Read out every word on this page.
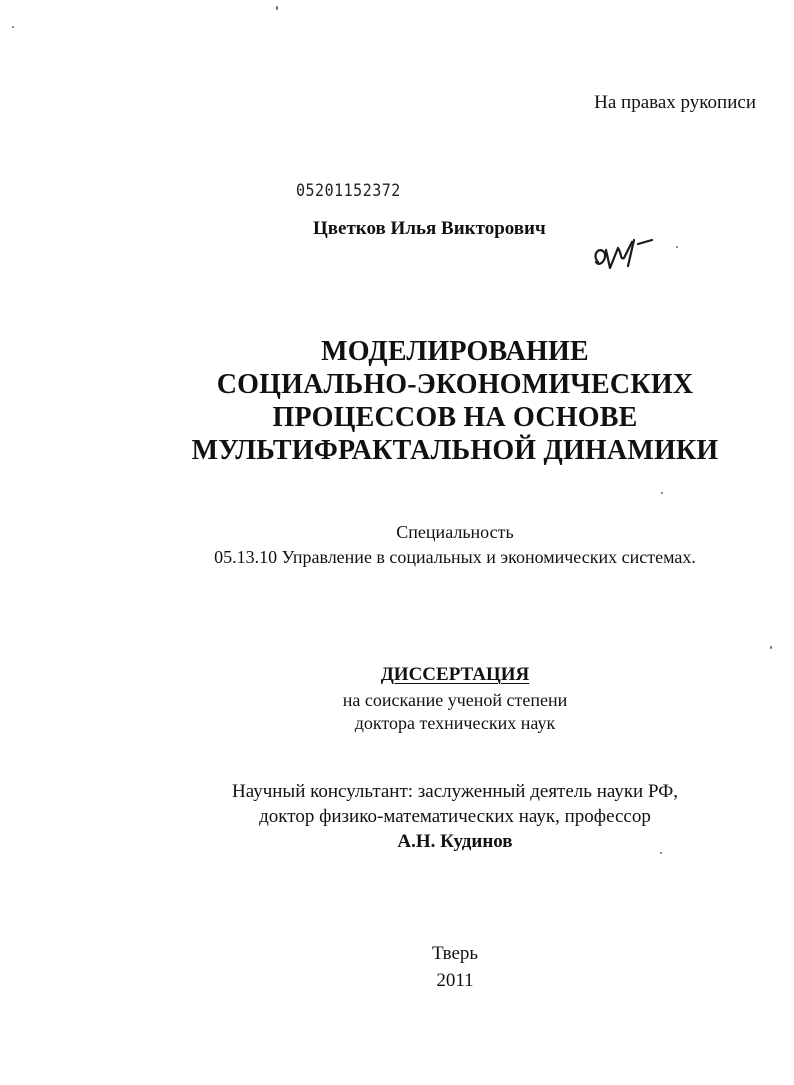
На правах рукописи
05201152372
Цветков Илья Викторович
МОДЕЛИРОВАНИЕ
СОЦИАЛЬНО-ЭКОНОМИЧЕСКИХ
ПРОЦЕССОВ НА ОСНОВЕ
МУЛЬТИФРАКТАЛЬНОЙ ДИНАМИКИ
Специальность
05.13.10 Управление в социальных и экономических системах.
ДИССЕРТАЦИЯ
на соискание ученой степени
доктора технических наук
Научный консультант: заслуженный деятель науки РФ,
доктор физико-математических наук, профессор
А.Н. Кудинов
Тверь
2011
